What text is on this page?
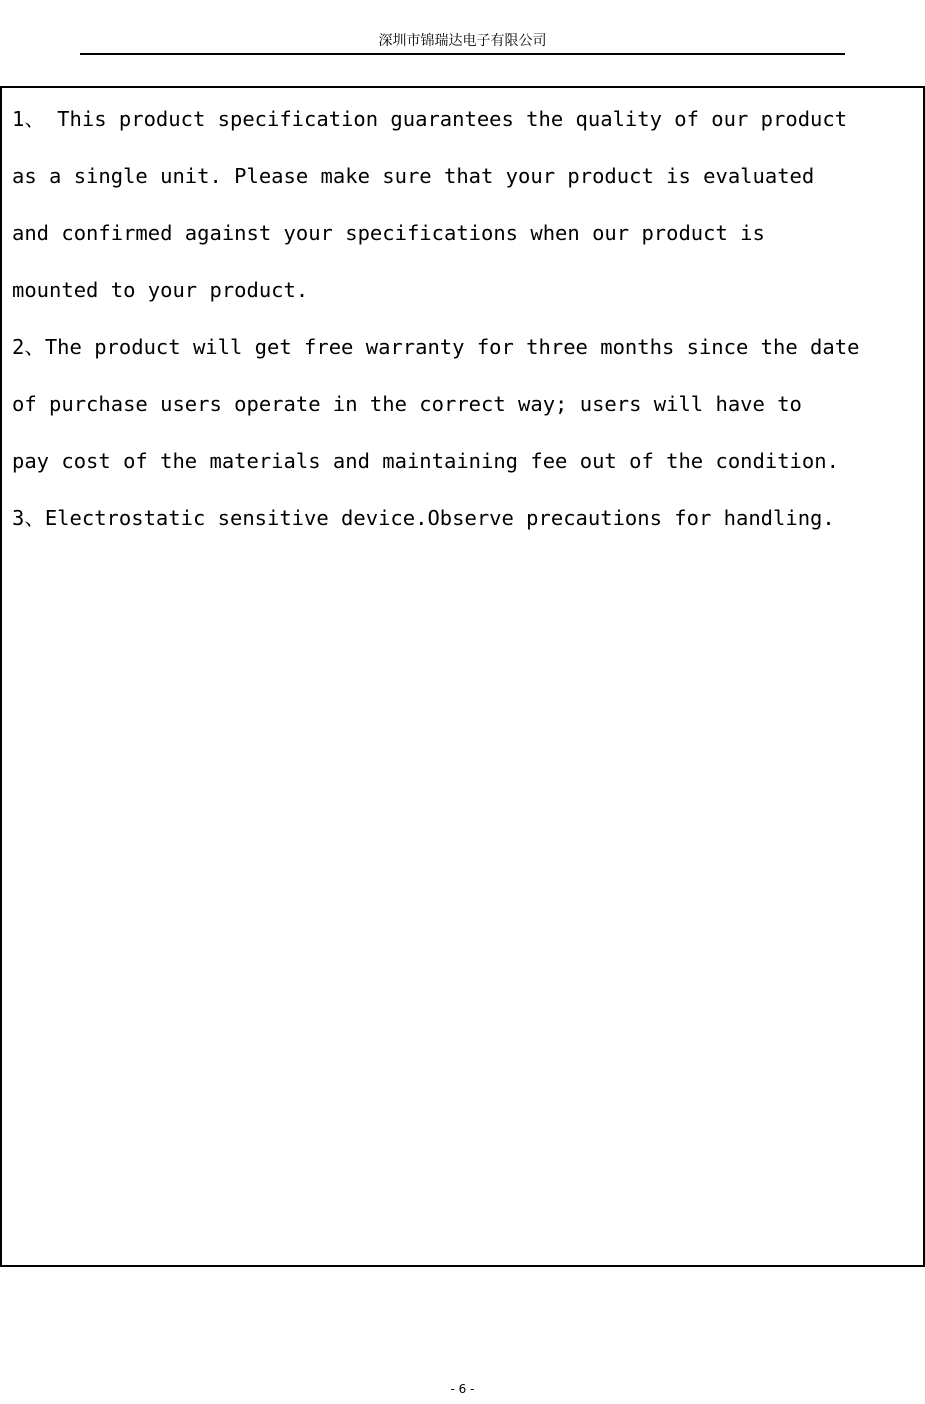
深圳市锦瑞达电子有限公司

1、 This product specification guarantees the quality of our product

as a single unit. Please make sure that your product is evaluated

and confirmed against your specifications when our product is

mounted to your product.

2、The product will get free warranty for three months since the date

of purchase users operate in the correct way; users will have to

pay cost of the materials and maintaining fee out of the condition.

3、Electrostatic sensitive device.Observe precautions for handling.

- 6 -
